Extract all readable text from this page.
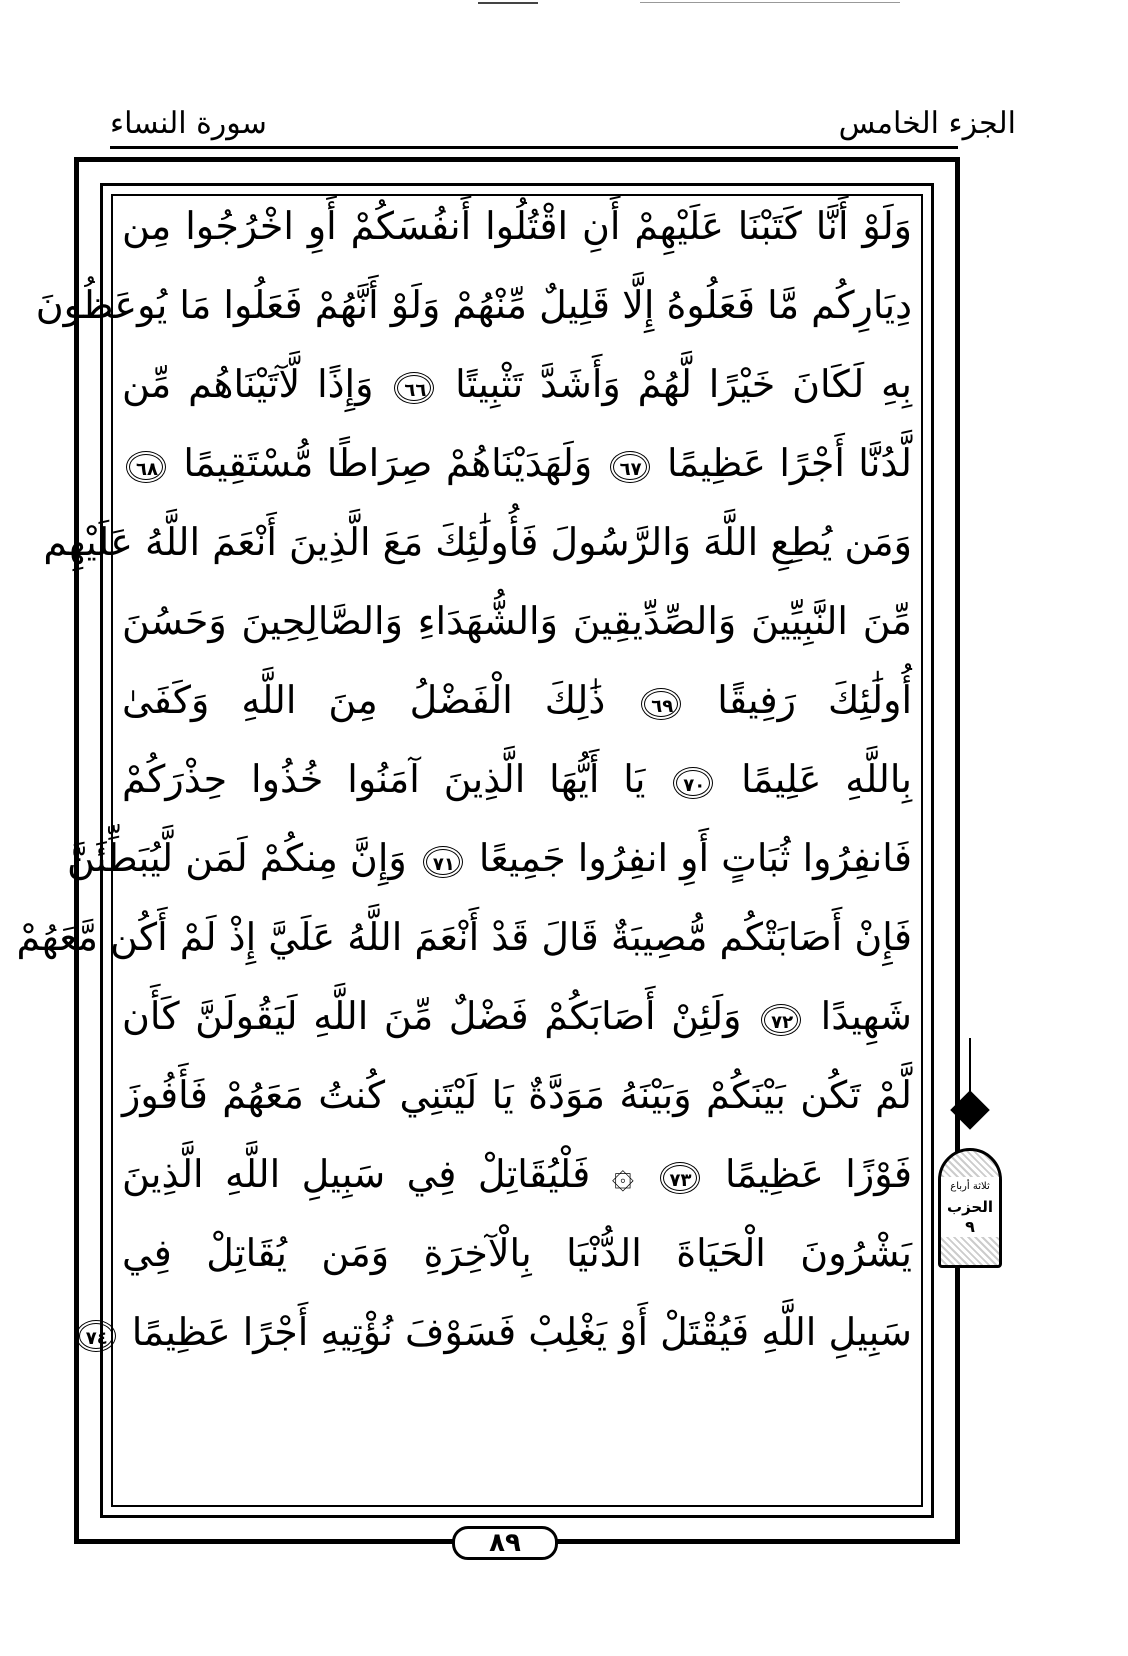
الجزء الخامس
سورة النساء
وَلَوْ أَنَّا كَتَبْنَا عَلَيْهِمْ أَنِ اقْتُلُوا أَنفُسَكُمْ أَوِ اخْرُجُوا مِن
دِيَارِكُم مَّا فَعَلُوهُ إِلَّا قَلِيلٌ مِّنْهُمْ وَلَوْ أَنَّهُمْ فَعَلُوا مَا يُوعَظُونَ
بِهِ لَكَانَ خَيْرًا لَّهُمْ وَأَشَدَّ تَثْبِيتًا ٦٦ وَإِذًا لَّآتَيْنَاهُم مِّن
لَّدُنَّا أَجْرًا عَظِيمًا ٦٧ وَلَهَدَيْنَاهُمْ صِرَاطًا مُّسْتَقِيمًا ٦٨
وَمَن يُطِعِ اللَّهَ وَالرَّسُولَ فَأُولَٰئِكَ مَعَ الَّذِينَ أَنْعَمَ اللَّهُ عَلَيْهِم
مِّنَ النَّبِيِّينَ وَالصِّدِّيقِينَ وَالشُّهَدَاءِ وَالصَّالِحِينَ وَحَسُنَ
أُولَٰئِكَ رَفِيقًا ٦٩ ذَٰلِكَ الْفَضْلُ مِنَ اللَّهِ وَكَفَىٰ
بِاللَّهِ عَلِيمًا ٧٠ يَا أَيُّهَا الَّذِينَ آمَنُوا خُذُوا حِذْرَكُمْ
فَانفِرُوا ثُبَاتٍ أَوِ انفِرُوا جَمِيعًا ٧١ وَإِنَّ مِنكُمْ لَمَن لَّيُبَطِّئَنَّ
فَإِنْ أَصَابَتْكُم مُّصِيبَةٌ قَالَ قَدْ أَنْعَمَ اللَّهُ عَلَيَّ إِذْ لَمْ أَكُن مَّعَهُمْ
شَهِيدًا ٧٢ وَلَئِنْ أَصَابَكُمْ فَضْلٌ مِّنَ اللَّهِ لَيَقُولَنَّ كَأَن
لَّمْ تَكُن بَيْنَكُمْ وَبَيْنَهُ مَوَدَّةٌ يَا لَيْتَنِي كُنتُ مَعَهُمْ فَأَفُوزَ
فَوْزًا عَظِيمًا ٧٣ ۞ فَلْيُقَاتِلْ فِي سَبِيلِ اللَّهِ الَّذِينَ
يَشْرُونَ الْحَيَاةَ الدُّنْيَا بِالْآخِرَةِ وَمَن يُقَاتِلْ فِي
سَبِيلِ اللَّهِ فَيُقْتَلْ أَوْ يَغْلِبْ فَسَوْفَ نُؤْتِيهِ أَجْرًا عَظِيمًا ٧٤
٨٩
ثلاثة أرباع
الحزب
٩
